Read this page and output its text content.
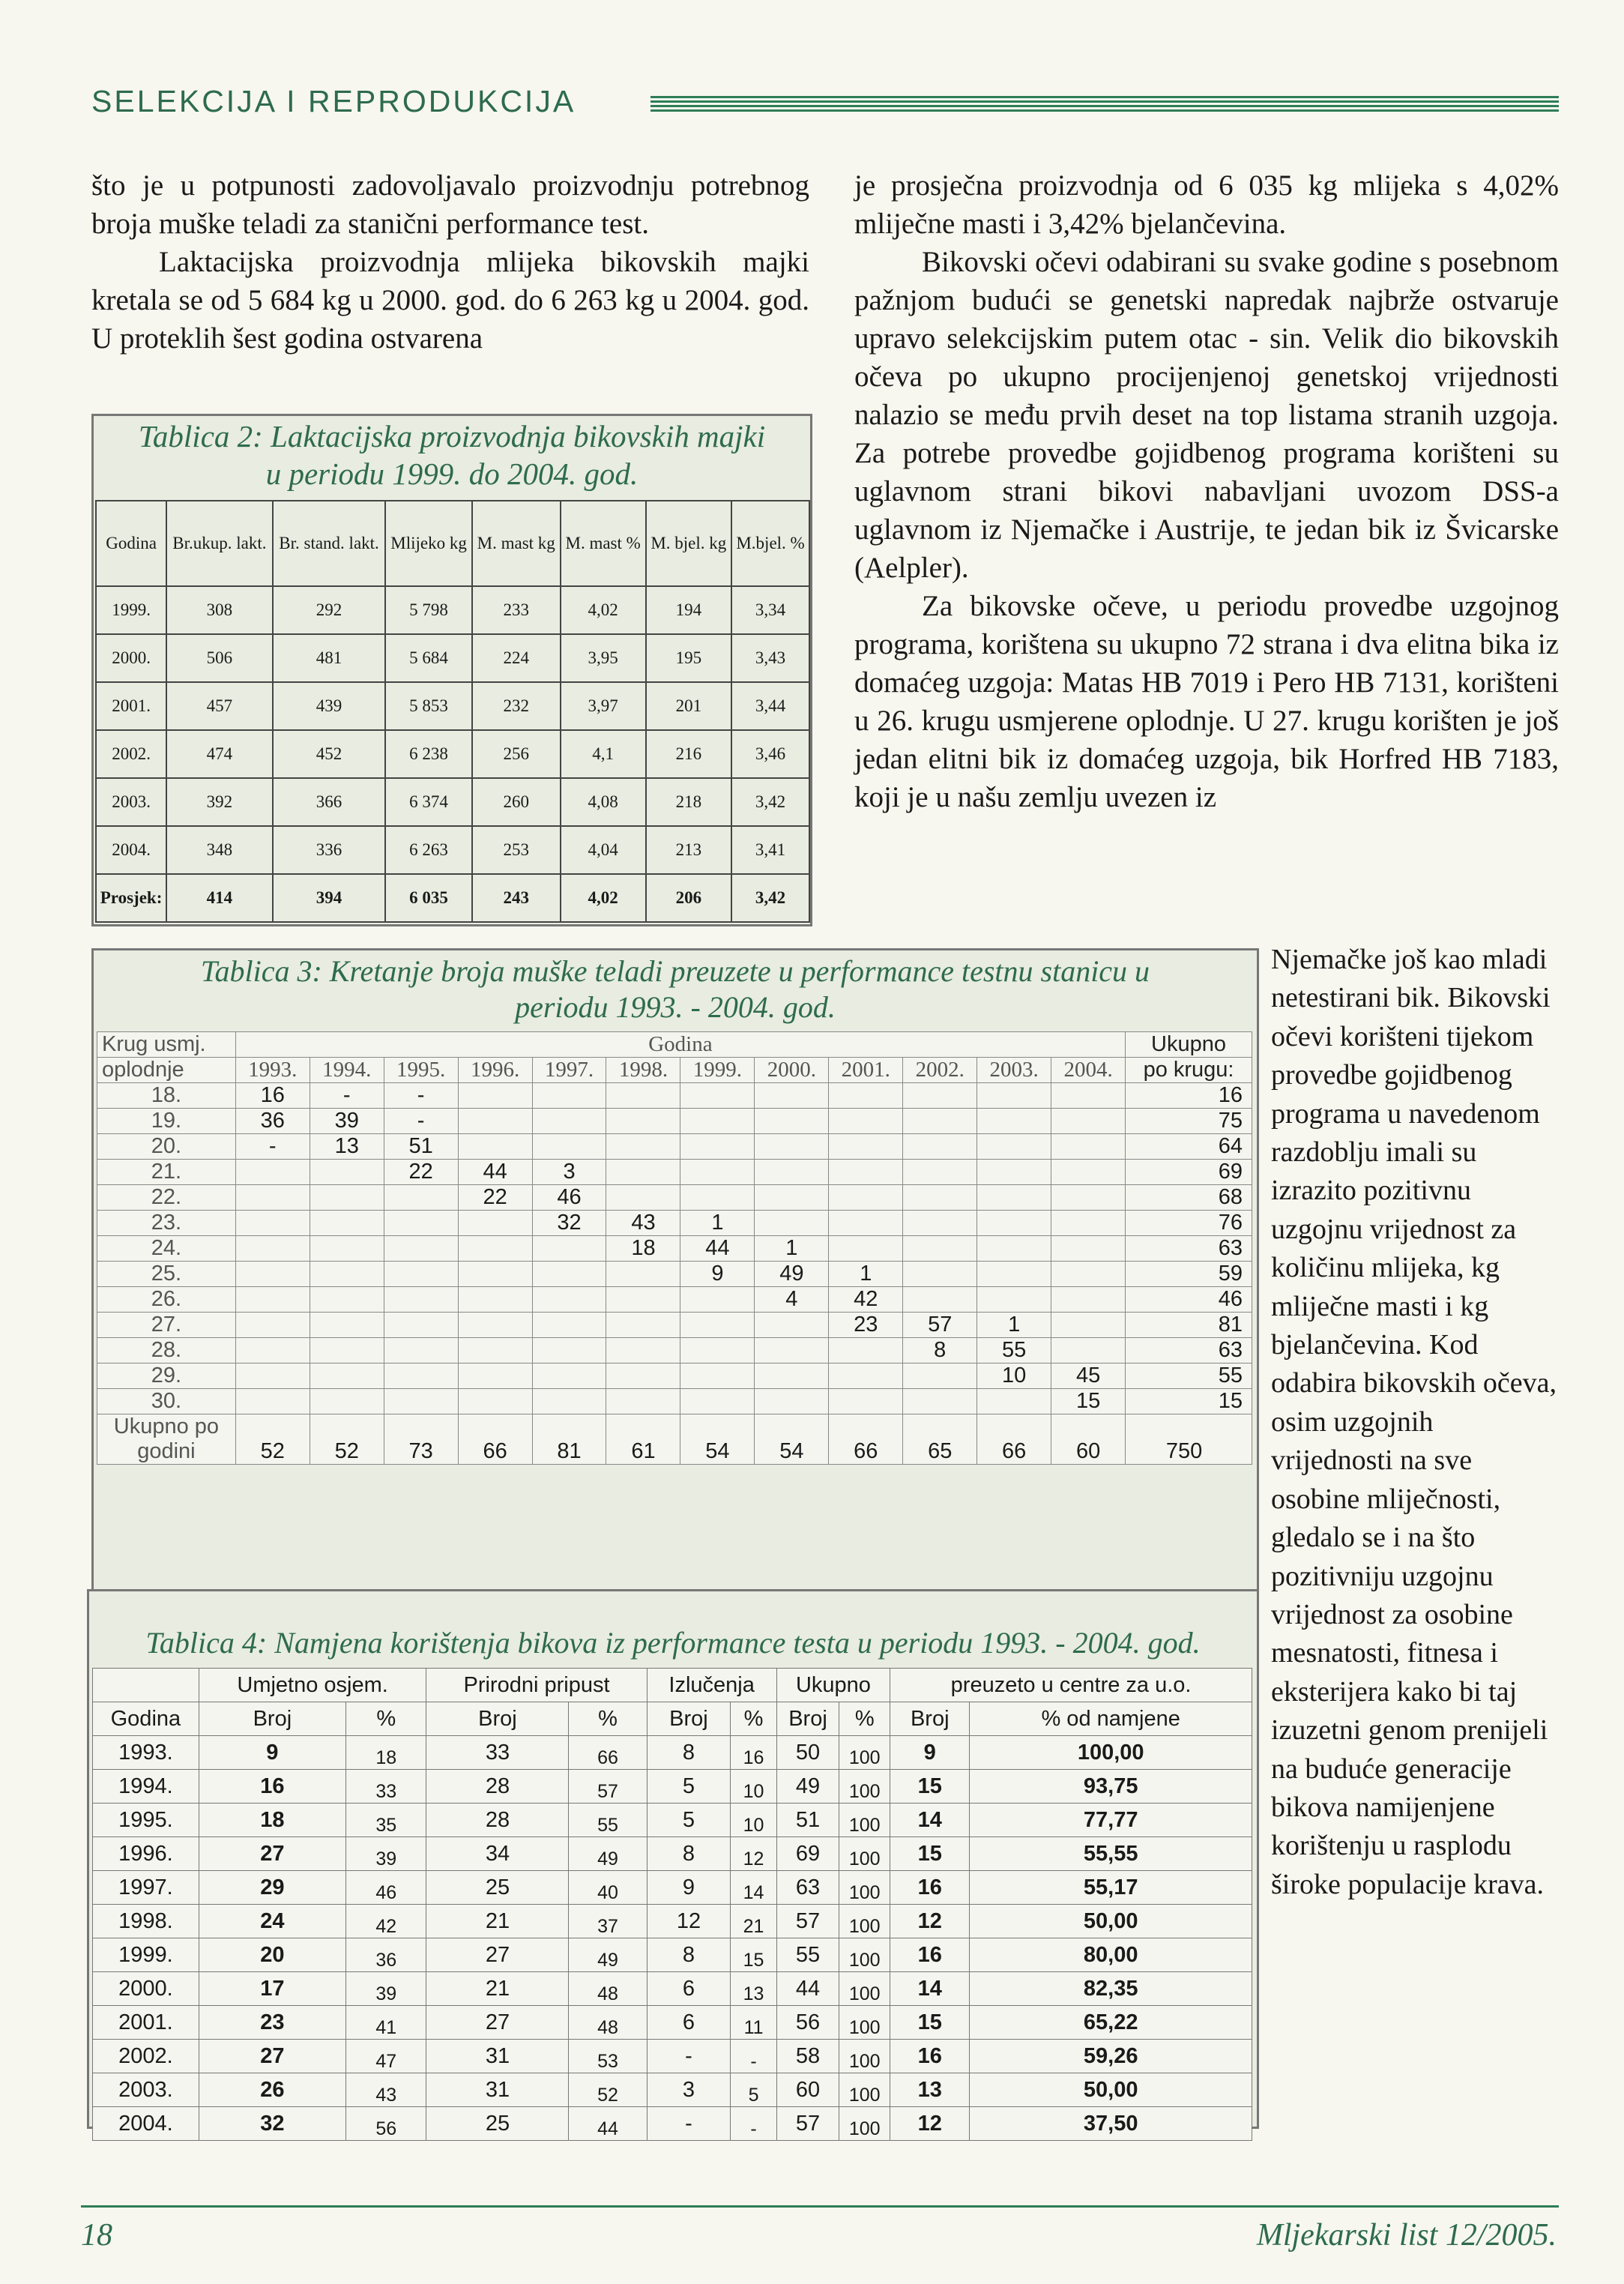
SELEKCIJA I REPRODUKCIJA

što je u potpunosti zadovoljavalo proizvodnju potrebnog broja muške teladi za stanični performance test.

Laktacijska proizvodnja mlijeka bikovskih majki kretala se od 5 684 kg u 2000. god. do 6 263 kg u 2004. god. U proteklih šest godina ostvarena

Tablica 2: Laktacijska proizvodnja bikovskih majki
u periodu 1999. do 2004. god.
Godina	Br.ukup. lakt.	Br. stand. lakt.	Mlijeko kg	M. mast kg	M. mast %	M. bjel. kg	M.bjel. %
1999.	308	292	5 798	233	4,02	194	3,34
2000.	506	481	5 684	224	3,95	195	3,43
2001.	457	439	5 853	232	3,97	201	3,44
2002.	474	452	6 238	256	4,1	216	3,46
2003.	392	366	6 374	260	4,08	218	3,42
2004.	348	336	6 263	253	4,04	213	3,41
Prosjek:	414	394	6 035	243	4,02	206	3,42

je prosječna proizvodnja od 6 035 kg mlijeka s 4,02% mliječne masti i 3,42% bjelančevina.

Bikovski očevi odabirani su svake godine s posebnom pažnjom budući se genetski napredak najbrže ostvaruje upravo selekcijskim putem otac - sin. Velik dio bikovskih očeva po ukupno procijenjenoj genetskoj vrijednosti nalazio se među prvih deset na top listama stranih uzgoja. Za potrebe provedbe gojidbenog programa korišteni su uglavnom strani bikovi nabavljani uvozom DSS-a uglavnom iz Njemačke i Austrije, te jedan bik iz Švicarske (Aelpler).

Za bikovske očeve, u periodu provedbe uzgojnog programa, korištena su ukupno 72 strana i dva elitna bika iz domaćeg uzgoja: Matas HB 7019 i Pero HB 7131, korišteni u 26. krugu usmjerene oplodnje. U 27. krugu korišten je još jedan elitni bik iz domaćeg uzgoja, bik Horfred HB 7183, koji je u našu zemlju uvezen iz

Njemačke još kao mladi netestirani bik. Bikovski očevi korišteni tijekom provedbe gojidbenog programa u navedenom razdoblju imali su izrazito pozitivnu uzgojnu vrijednost za količinu mlijeka, kg mliječne masti i kg bjelančevina. Kod odabira bikovskih očeva, osim uzgojnih vrijednosti na sve osobine mliječnosti, gledalo se i na što pozitivniju uzgojnu vrijednost za osobine mesnatosti, fitnesa i eksterijera kako bi taj izuzetni genom prenijeli na buduće generacije bikova namijenjene korištenju u rasplodu široke populacije krava.
Tablica 3: Kretanje broja muške teladi preuzete u performance testnu stanicu u
periodu 1993. - 2004. god.
Krug usmj.	Godina												Ukupno
oplodnje	1993.	1994.	1995.	1996.	1997.	1998.	1999.	2000.	2001.	2002.	2003.	2004.	po krugu:
18.	16	-	-										16
19.	36	39	-										75
20.	-	13	51										64
21.			22	44	3								69
22.				22	46								68
23.					32	43	1						76
24.						18	44	1					63
25.							9	49	1				59
26.								4	42				46
27.									23	57	1		81
28.										8	55		63
29.											10	45	55
30.												15	15

Ukupno po
godini	52	52	73	66	81	61	54	54	66	65	66	60	750
Tablica 4: Namjena korištenja bikova iz performance testa u periodu 1993. - 2004. god.
	Umjetno osjem.		Prirodni pripust		Izlučenja		Ukupno		preuzeto u centre za u.o.	
Godina	Broj	%	Broj	%	Broj	%	Broj	%	Broj	% od namjene
1993.	9	18	33	66	8	16	50	100	9	100,00
1994.	16	33	28	57	5	10	49	100	15	93,75
1995.	18	35	28	55	5	10	51	100	14	77,77
1996.	27	39	34	49	8	12	69	100	15	55,55
1997.	29	46	25	40	9	14	63	100	16	55,17
1998.	24	42	21	37	12	21	57	100	12	50,00
1999.	20	36	27	49	8	15	55	100	16	80,00
2000.	17	39	21	48	6	13	44	100	14	82,35
2001.	23	41	27	48	6	11	56	100	15	65,22
2002.	27	47	31	53	-	-	58	100	16	59,26
2003.	26	43	31	52	3	5	60	100	13	50,00
2004.	32	56	25	44	-	-	57	100	12	37,50
18	Mljekarski list 12/2005.
